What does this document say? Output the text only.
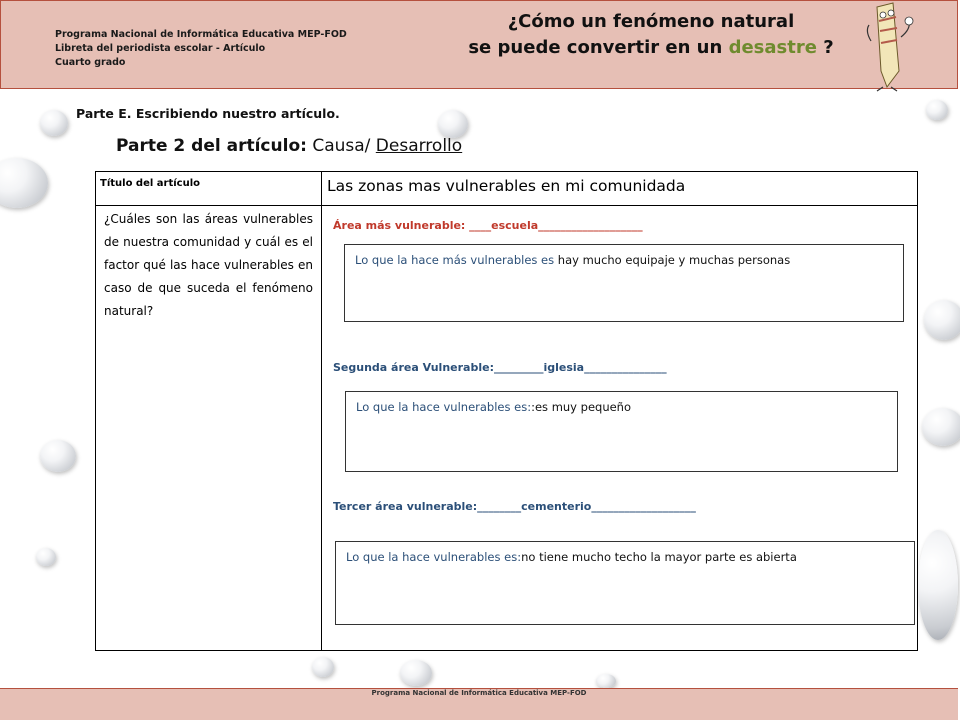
Programa Nacional de Informática Educativa MEP-FOD
Libreta del periodista escolar - Artículo
Cuarto grado
¿Cómo un fenómeno natural
se puede convertir en un desastre ?
Parte E. Escribiendo nuestro artículo.
Parte 2 del artículo: Causa/ Desarrollo
Título del artículo	Las zonas mas vulnerables en mi comunidada
¿Cuáles son las áreas vulnerables de nuestra comunidad y cuál es el factor qué las hace vulnerables en caso de que suceda el fenómeno natural?	
Área más vulnerable: ____escuela___________________
Lo que la hace más vulnerables es hay mucho equipaje y muchas personas
Segunda área Vulnerable:_________iglesia_______________
Lo que la hace vulnerables es::es muy pequeño
Tercer área vulnerable:________cementerio___________________
Lo que la hace vulnerables es:no tiene mucho techo la mayor parte es abierta
Programa Nacional de Informática Educativa MEP-FOD
